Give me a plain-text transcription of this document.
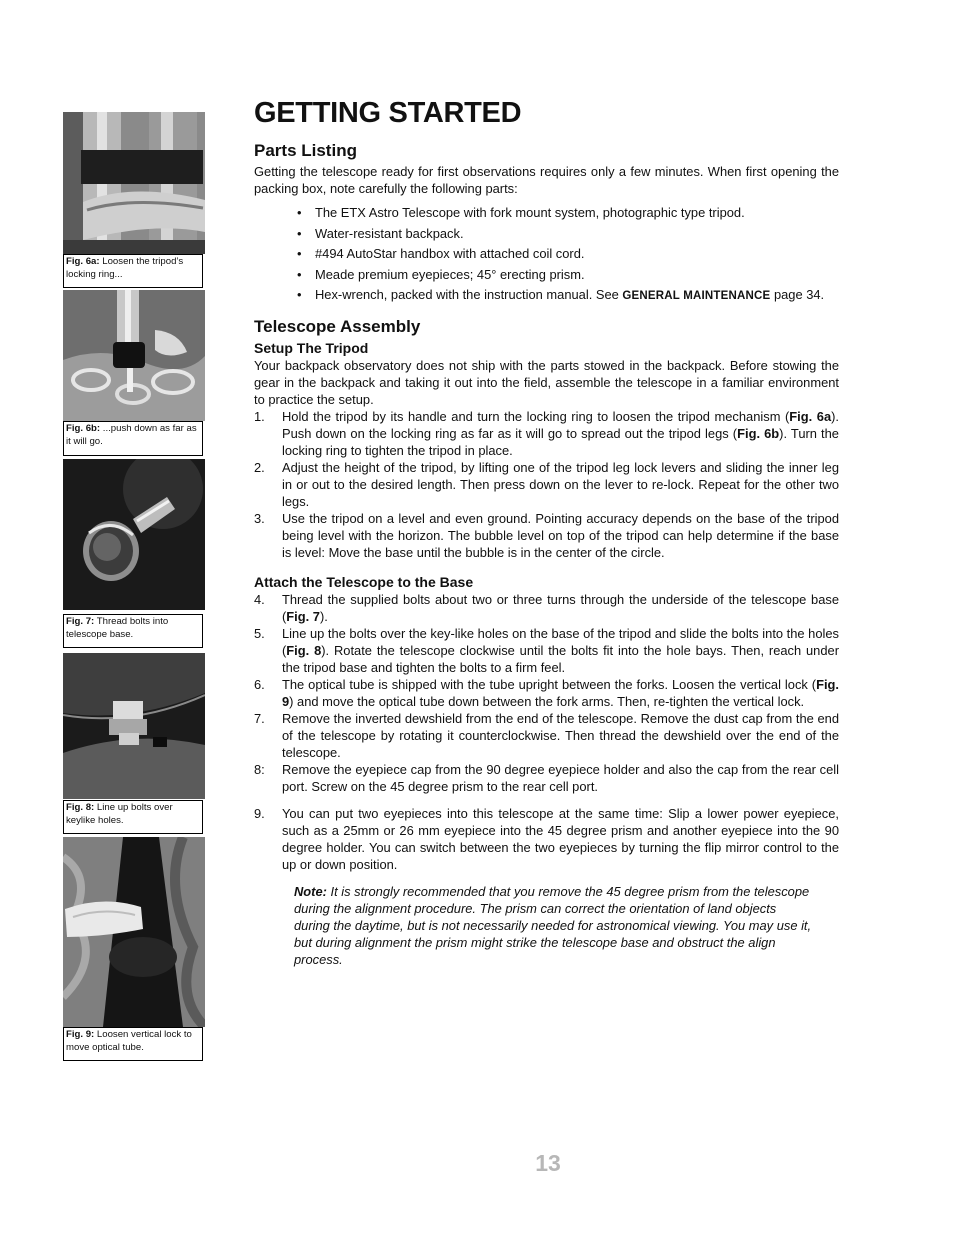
Fig. 6a: Loosen the tripod’s locking ring...
Fig. 6b: ...push down as far as it will go.
Fig. 7: Thread bolts into telescope base.
Fig. 8: Line up bolts over keylike holes.
Fig. 9: Loosen vertical lock to move optical tube.
GETTING STARTED
Parts Listing

Getting the telescope ready for first observations requires only a few minutes. When first opening the packing box, note carefully the following parts:

• The ETX Astro Telescope with fork mount system, photographic type tripod.
• Water-resistant backpack.
• #494 AutoStar handbox with attached coil cord.
• Meade premium eyepieces; 45° erecting prism.
• Hex-wrench, packed with the instruction manual. See GENERAL MAINTENANCE page 34.
Telescope Assembly
Setup The Tripod

Your backpack observatory does not ship with the parts stowed in the backpack. Before stowing the gear in the backpack and taking it out into the field, assemble the telescope in a familiar environment to practice the setup.

1. Hold the tripod by its handle and turn the locking ring to loosen the tripod mechanism (Fig. 6a). Push down on the locking ring as far as it will go to spread out the tripod legs (Fig. 6b). Turn the locking ring to tighten the tripod in place.
2. Adjust the height of the tripod, by lifting one of the tripod leg lock levers and sliding the inner leg in or out to the desired length. Then press down on the lever to re-lock. Repeat for the other two legs.
3. Use the tripod on a level and even ground. Pointing accuracy depends on the base of the tripod being level with the horizon. The bubble level on top of the tripod can help determine if the base is level: Move the base until the bubble is in the center of the circle.
Attach the Telescope to the Base
4. Thread the supplied bolts about two or three turns through the underside of the telescope base (Fig. 7).
5. Line up the bolts over the key-like holes on the base of the tripod and slide the bolts into the holes (Fig. 8). Rotate the telescope clockwise until the bolts fit into the hole bays. Then, reach under the tripod base and tighten the bolts to a firm feel.
6. The optical tube is shipped with the tube upright between the forks. Loosen the vertical lock (Fig. 9) and move the optical tube down between the fork arms. Then, re-tighten the vertical lock.
7. Remove the inverted dewshield from the end of the telescope. Remove the dust cap from the end of the telescope by rotating it counterclockwise. Then thread the dewshield over the end of the telescope.
8: Remove the eyepiece cap from the 90 degree eyepiece holder and also the cap from the rear cell port. Screw on the 45 degree prism to the rear cell port.
9. You can put two eyepieces into this telescope at the same time: Slip a lower power eyepiece, such as a 25mm or 26 mm eyepiece into the 45 degree prism and another eyepiece into the 90 degree holder. You can switch between the two eyepieces by turning the flip mirror control to the up or down position.

Note: It is strongly recommended that you remove the 45 degree prism from the telescope during the alignment procedure. The prism can correct the orientation of land objects during the daytime, but is not necessarily needed for astronomical viewing. You may use it, but during alignment the prism might strike the telescope base and obstruct the align process.

13
